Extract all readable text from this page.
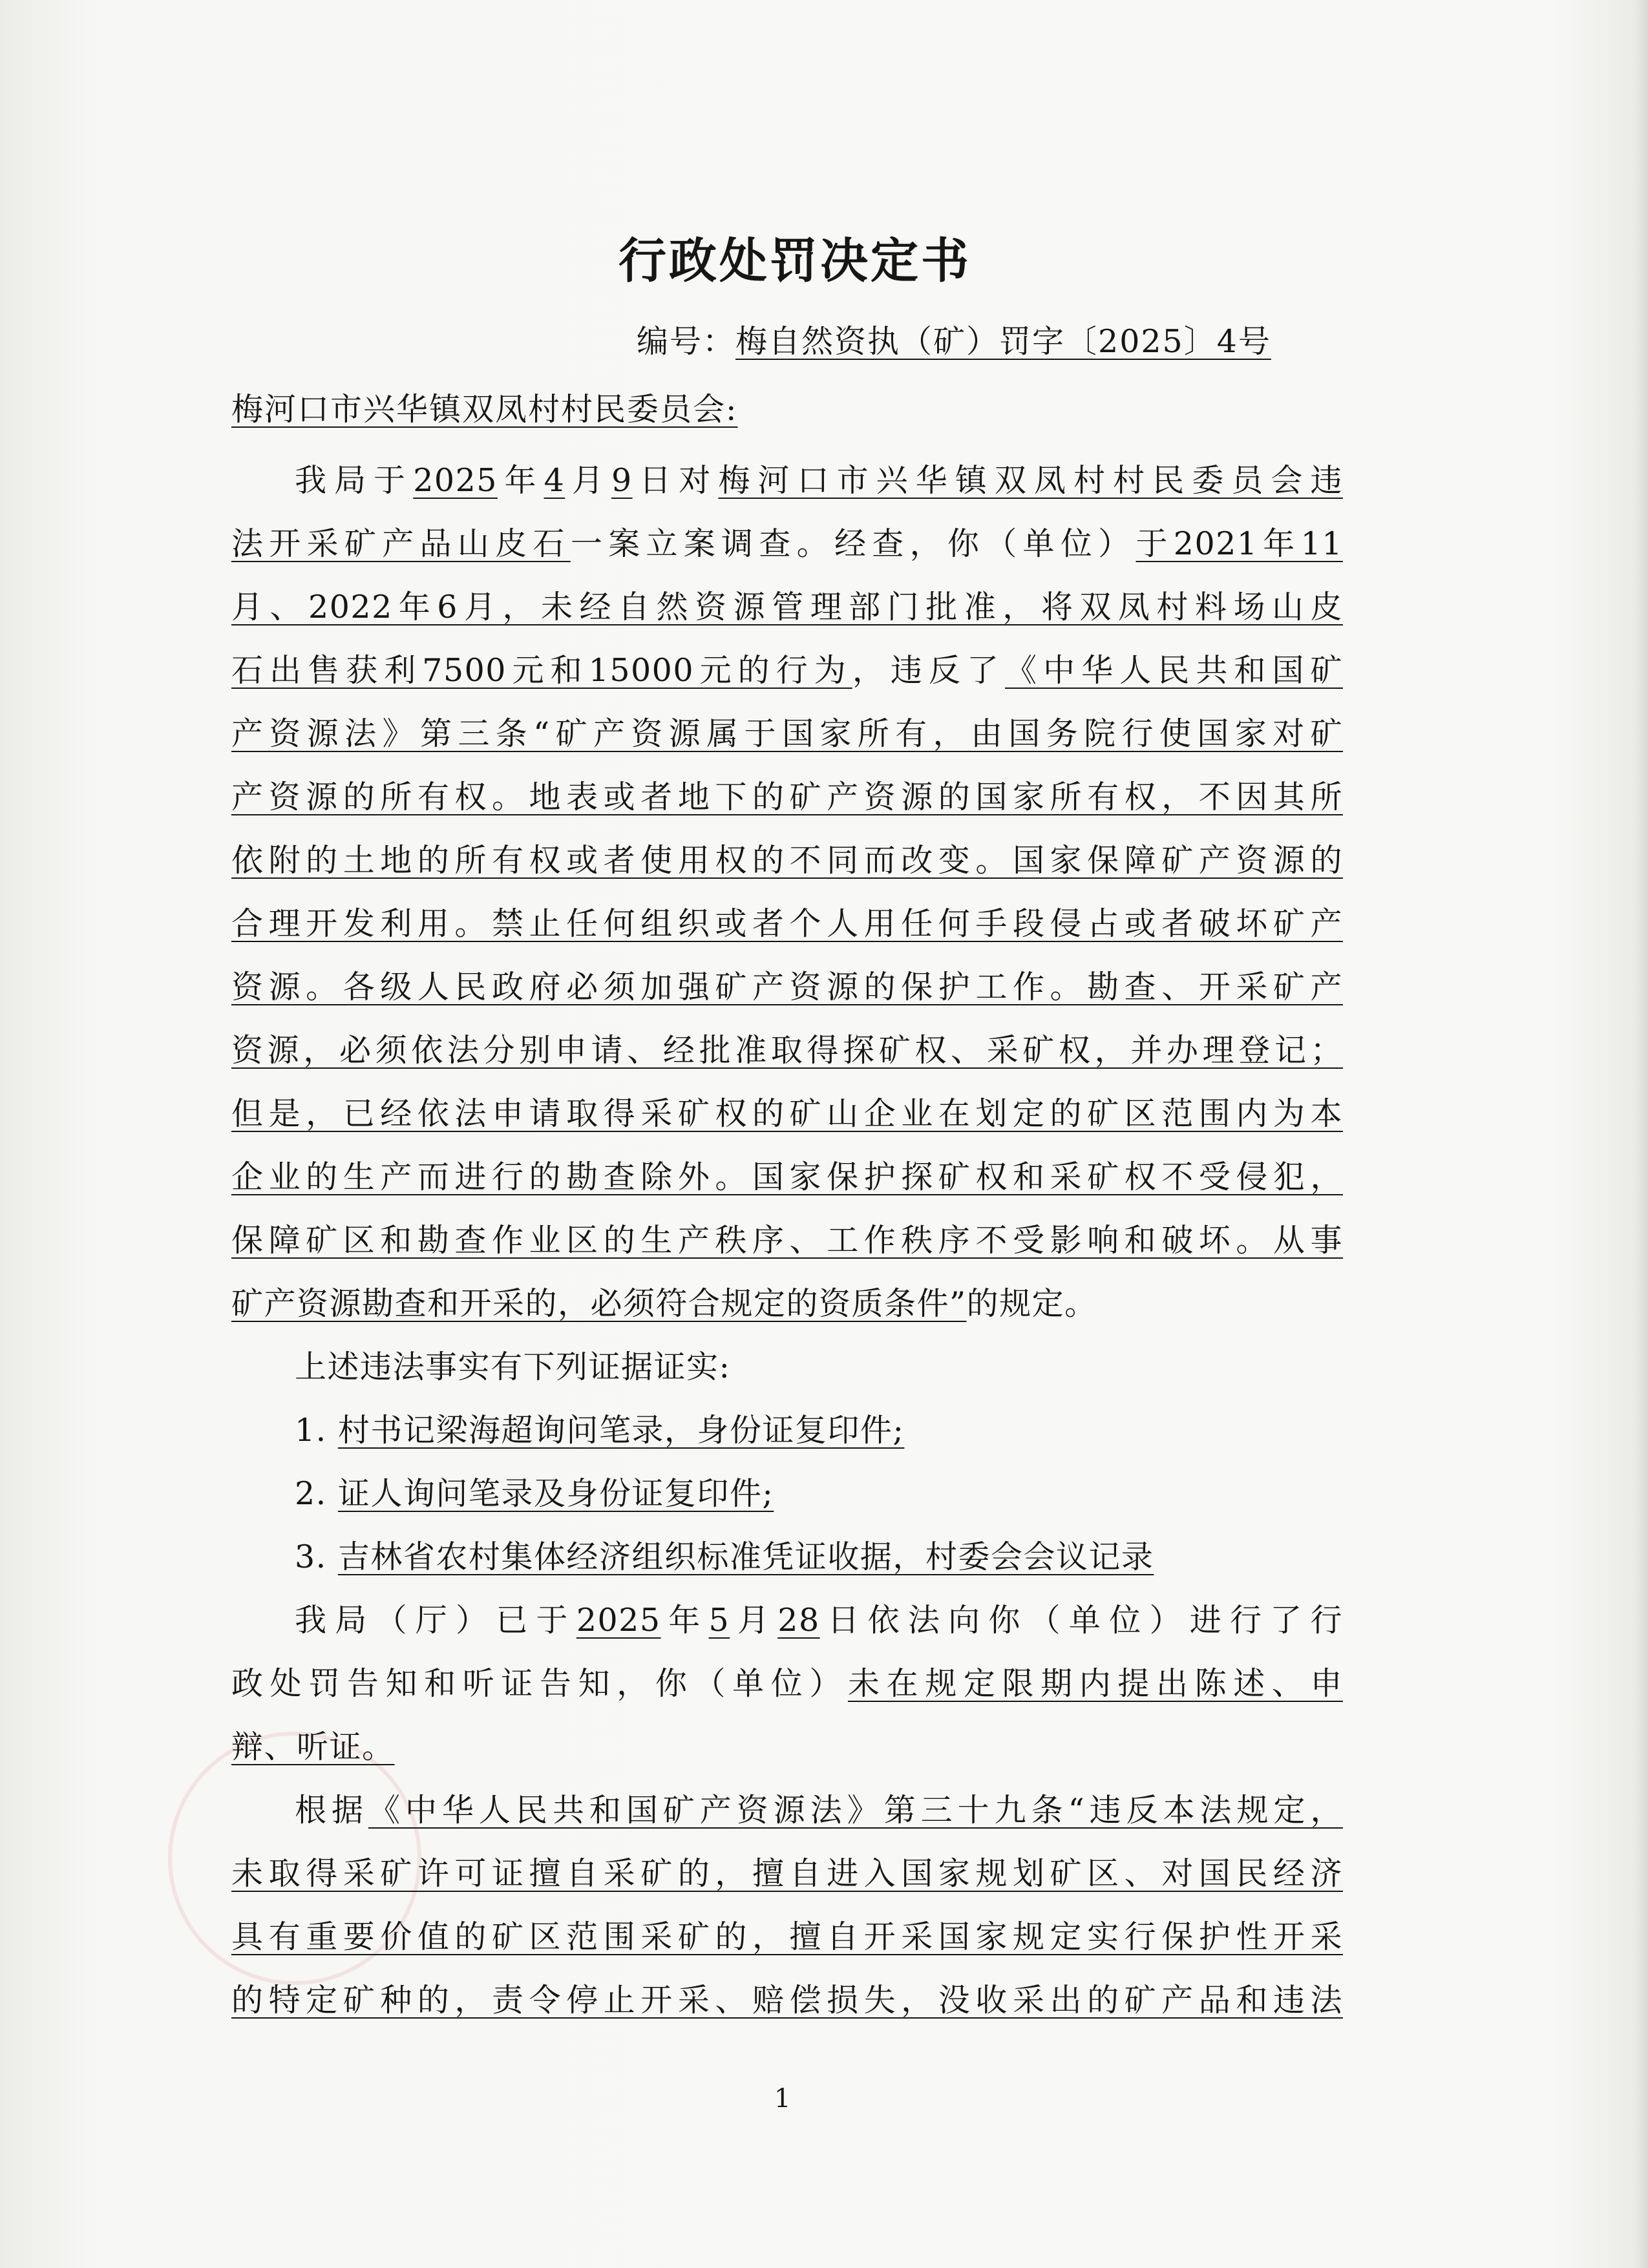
行政处罚决定书
编号：梅自然资执（矿）罚字〔2025〕4号
梅河口市兴华镇双凤村村民委员会:
我局于2025年4月9日对梅河口市兴华镇双凤村村民委员会违
法开采矿产品山皮石一案立案调查。经查，你（单位）于2021年11
月、2022年6月，未经自然资源管理部门批准，将双凤村料场山皮
石出售获利7500元和15000元的行为，违反了《中华人民共和国矿
产资源法》第三条“矿产资源属于国家所有，由国务院行使国家对矿
产资源的所有权。地表或者地下的矿产资源的国家所有权，不因其所
依附的土地的所有权或者使用权的不同而改变。国家保障矿产资源的
合理开发利用。禁止任何组织或者个人用任何手段侵占或者破坏矿产
资源。各级人民政府必须加强矿产资源的保护工作。勘查、开采矿产
资源，必须依法分别申请、经批准取得探矿权、采矿权，并办理登记；
但是，已经依法申请取得采矿权的矿山企业在划定的矿区范围内为本
企业的生产而进行的勘查除外。国家保护探矿权和采矿权不受侵犯，
保障矿区和勘查作业区的生产秩序、工作秩序不受影响和破坏。从事
矿产资源勘查和开采的，必须符合规定的资质条件”的规定。
上述违法事实有下列证据证实:
1. 村书记梁海超询问笔录，身份证复印件;
2. 证人询问笔录及身份证复印件;
3. 吉林省农村集体经济组织标准凭证收据，村委会会议记录
我局（厅）已于2025年5月28日依法向你（单位）进行了行
政处罚告知和听证告知，你（单位）未在规定限期内提出陈述、申
辩、听证。
根据《中华人民共和国矿产资源法》第三十九条“违反本法规定，
未取得采矿许可证擅自采矿的，擅自进入国家规划矿区、对国民经济
具有重要价值的矿区范围采矿的，擅自开采国家规定实行保护性开采
的特定矿种的，责令停止开采、赔偿损失，没收采出的矿产品和违法
1
